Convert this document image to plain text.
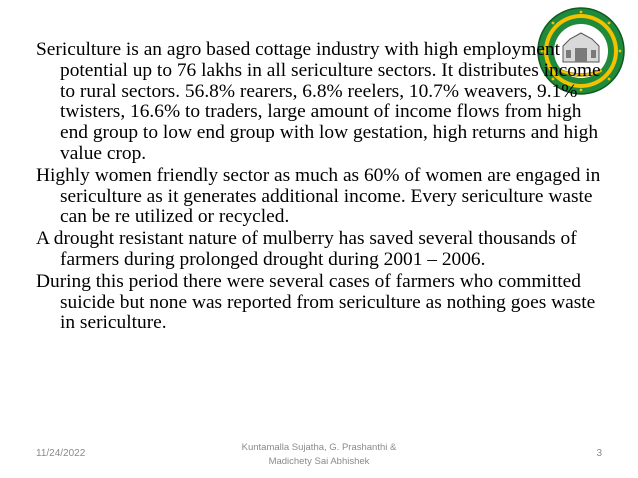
Sericulture is an agro based cottage industry with high employment potential up to 76 lakhs in all sericulture sectors. It distributes income to rural sectors. 56.8% rearers, 6.8% reelers, 10.7% weavers, 9.1% twisters, 16.6% to traders, large amount of income flows from high end group to low end group with low gestation, high returns and high value crop.

Highly women friendly sector as much as 60% of women are engaged in sericulture as it generates additional income. Every sericulture waste can be re utilized or recycled.

A drought resistant nature of mulberry has saved several thousands of farmers during prolonged drought during 2001 – 2006.

During this period there were several cases of farmers who committed suicide but none was reported from sericulture as nothing goes waste in sericulture.

11/24/2022
Kuntamalla Sujatha, G. Prashanthi &
Madichety Sai Abhishek
3
